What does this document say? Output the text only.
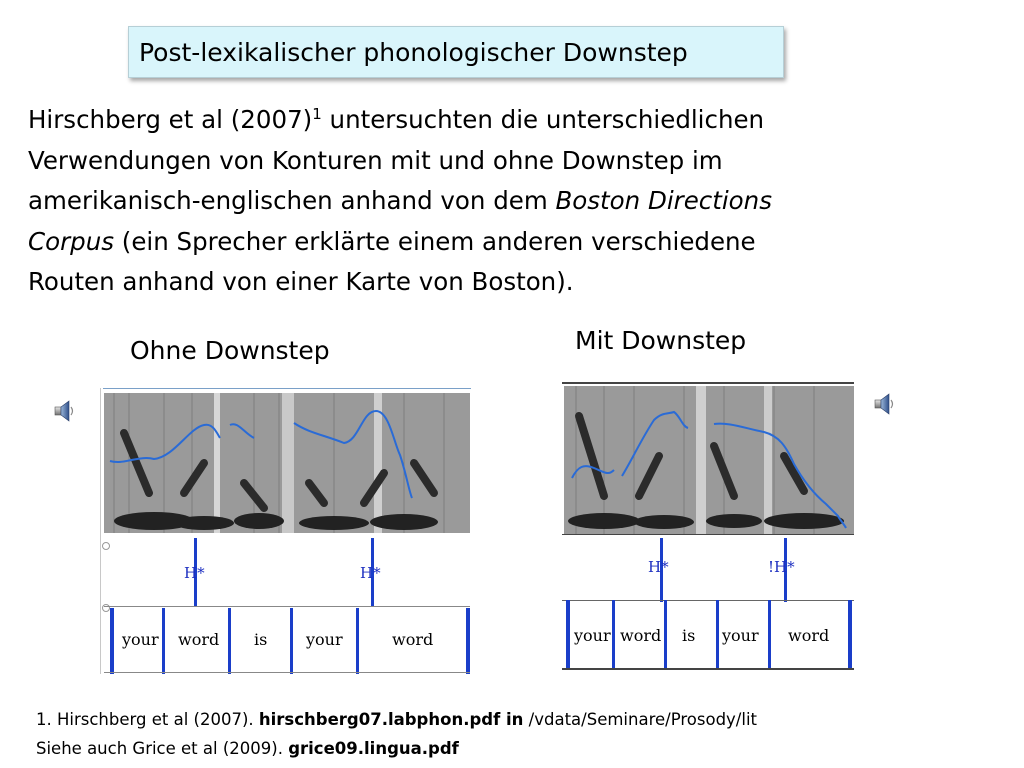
Post-lexikalischer phonologischer Downstep
Hirschberg et al $(2007)^1$ untersuchten die unterschiedlichen
Verwendungen von Konturen mit und ohne Downstep im
amerikanisch-englischen anhand von dem Boston Directions
Corpus (ein Sprecher erklärte einem anderen verschiedene
Routen anhand von einer Karte von Boston).
Ohne Downstep	Mit Downstep
H*	H*
your word is your	word
H*	!H*
your word is your word
1. Hirschberg et al (2007). hirschberg07.labphon.pdf in /vdata/Seminare/Prosody/lit
Siehe auch Grice et al (2009). grice09.lingua.pdf
